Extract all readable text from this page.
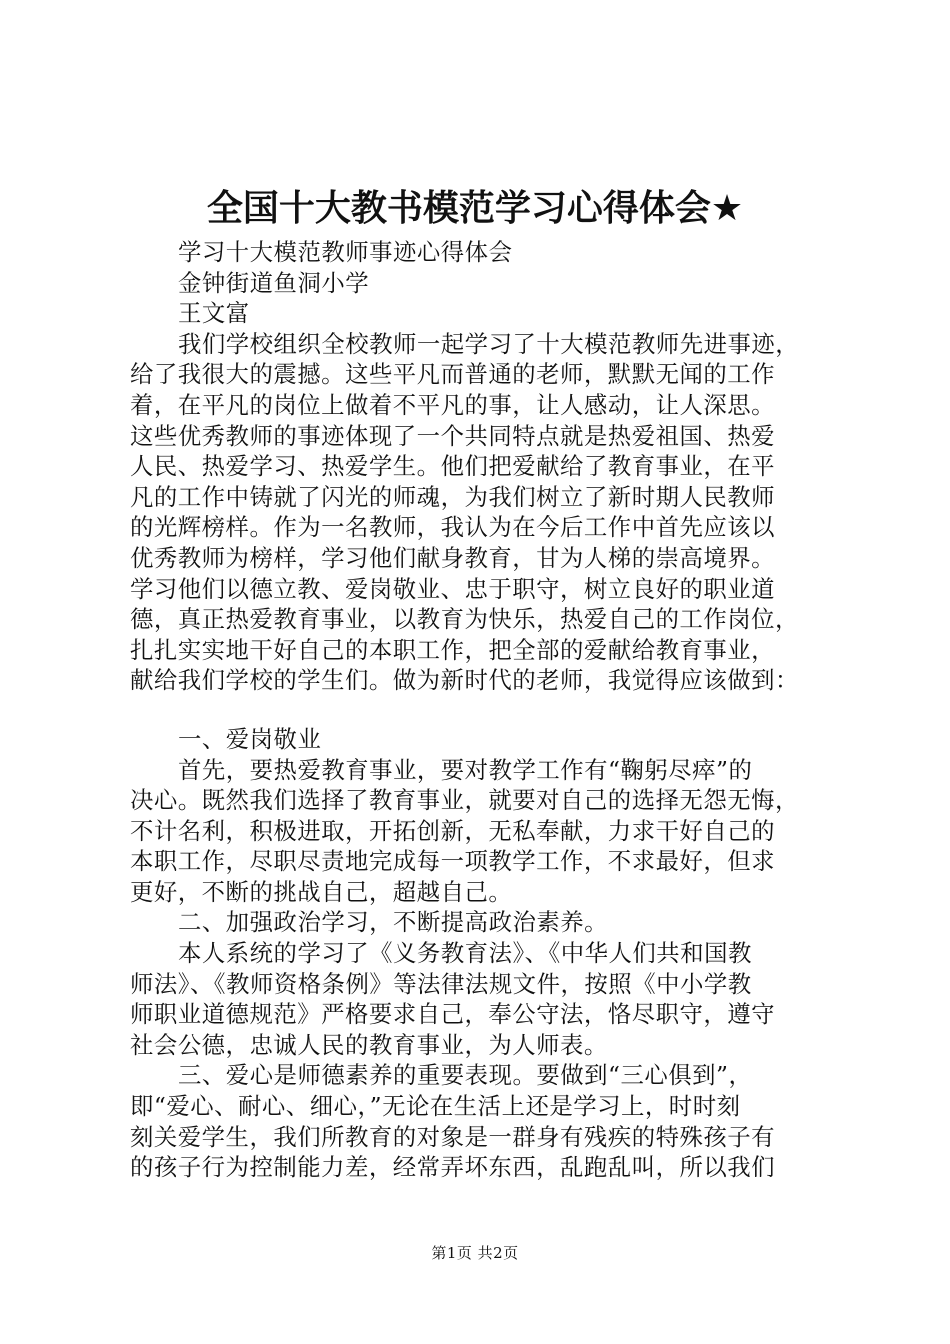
全国十大教书模范学习心得体会★

学习十大模范教师事迹心得体会

金钟街道鱼洞小学

王文富

我们学校组织全校教师一起学习了十大模范教师先进事迹，

给了我很大的震撼。这些平凡而普通的老师，默默无闻的工作

着，在平凡的岗位上做着不平凡的事，让人感动，让人深思。

这些优秀教师的事迹体现了一个共同特点就是热爱祖国、热爱

人民、热爱学习、热爱学生。他们把爱献给了教育事业，在平

凡的工作中铸就了闪光的师魂，为我们树立了新时期人民教师

的光辉榜样。作为一名教师，我认为在今后工作中首先应该以

优秀教师为榜样，学习他们献身教育，甘为人梯的崇高境界。

学习他们以德立教、爱岗敬业、忠于职守，树立良好的职业道

德，真正热爱教育事业，以教育为快乐，热爱自己的工作岗位，

扎扎实实地干好自己的本职工作，把全部的爱献给教育事业，

献给我们学校的学生们。做为新时代的老师，我觉得应该做到：

一、爱岗敬业

首先，要热爱教育事业，要对教学工作有“鞠躬尽瘁”的

决心。既然我们选择了教育事业，就要对自己的选择无怨无悔，

不计名利，积极进取，开拓创新，无私奉献，力求干好自己的

本职工作，尽职尽责地完成每一项教学工作，不求最好，但求

更好，不断的挑战自己，超越自己。

二、加强政治学习，不断提高政治素养。

本人系统的学习了《义务教育法》、《中华人们共和国教

师法》、《教师资格条例》等法律法规文件，按照《中小学教

师职业道德规范》严格要求自己，奉公守法，恪尽职守，遵守

社会公德，忠诚人民的教育事业，为人师表。

三、爱心是师德素养的重要表现。要做到“三心俱到”，

即“爱心、耐心、细心，”无论在生活上还是学习上，时时刻

刻关爱学生，我们所教育的对象是一群身有残疾的特殊孩子有

的孩子行为控制能力差，经常弄坏东西，乱跑乱叫，所以我们

第1页 共2页
